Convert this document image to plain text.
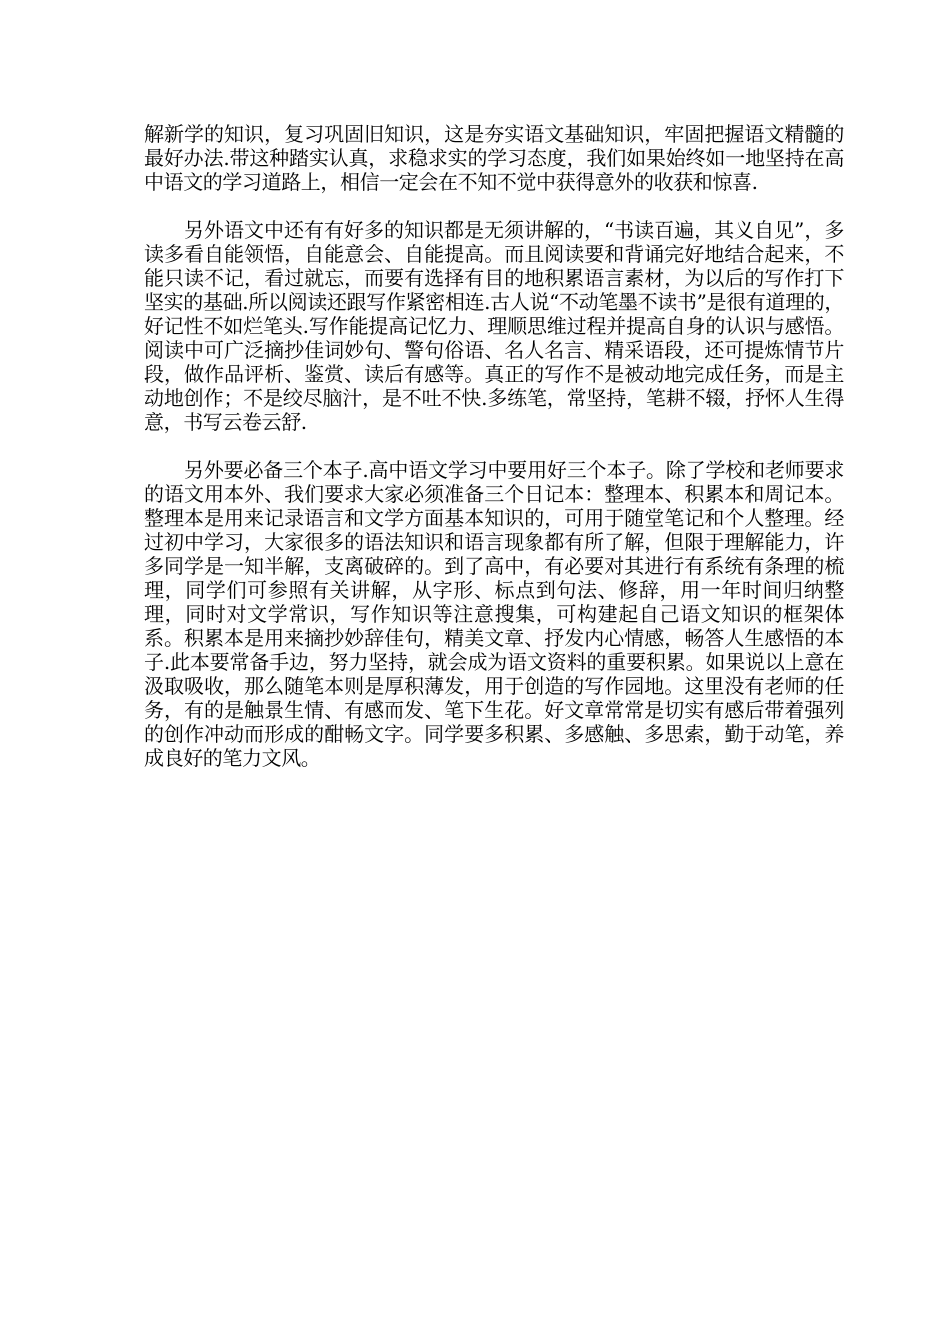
解新学的知识，复习巩固旧知识，这是夯实语文基础知识，牢固把握语文精髓的最好办法.带这种踏实认真，求稳求实的学习态度，我们如果始终如一地坚持在高中语文的学习道路上，相信一定会在不知不觉中获得意外的收获和惊喜.

另外语文中还有有好多的知识都是无须讲解的，“书读百遍，其义自见”，多读多看自能领悟，自能意会、自能提高。而且阅读要和背诵完好地结合起来，不能只读不记，看过就忘，而要有选择有目的地积累语言素材，为以后的写作打下坚实的基础.所以阅读还跟写作紧密相连.古人说“不动笔墨不读书”是很有道理的，好记性不如烂笔头.写作能提高记忆力、理顺思维过程并提高自身的认识与感悟。阅读中可广泛摘抄佳词妙句、警句俗语、名人名言、精采语段，还可提炼情节片段，做作品评析、鉴赏、读后有感等。真正的写作不是被动地完成任务，而是主动地创作；不是绞尽脑汁，是不吐不快.多练笔，常坚持，笔耕不辍，抒怀人生得意，书写云卷云舒.

另外要必备三个本子.高中语文学习中要用好三个本子。除了学校和老师要求的语文用本外、我们要求大家必须准备三个日记本：整理本、积累本和周记本。整理本是用来记录语言和文学方面基本知识的，可用于随堂笔记和个人整理。经过初中学习，大家很多的语法知识和语言现象都有所了解，但限于理解能力，许多同学是一知半解，支离破碎的。到了高中，有必要对其进行有系统有条理的梳理，同学们可参照有关讲解，从字形、标点到句法、修辞，用一年时间归纳整理，同时对文学常识，写作知识等注意搜集，可构建起自己语文知识的框架体系。积累本是用来摘抄妙辞佳句，精美文章、抒发内心情感，畅答人生感悟的本子.此本要常备手边，努力坚持，就会成为语文资料的重要积累。如果说以上意在汲取吸收，那么随笔本则是厚积薄发，用于创造的写作园地。这里没有老师的任务，有的是触景生情、有感而发、笔下生花。好文章常常是切实有感后带着强列的创作冲动而形成的酣畅文字。同学要多积累、多感触、多思索，勤于动笔，养成良好的笔力文风。
